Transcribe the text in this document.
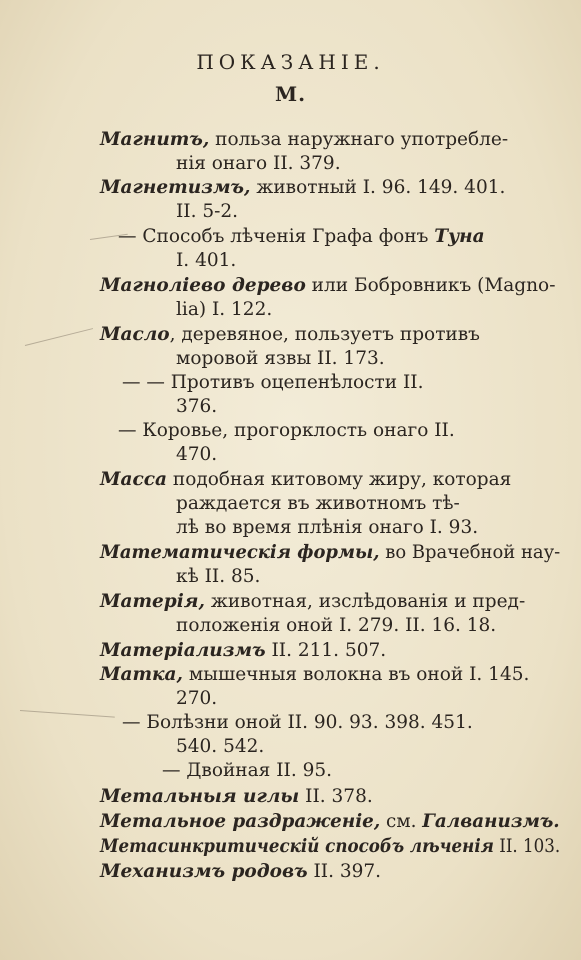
ПОКАЗАНІЕ.
М.
Магнитъ, польза наружнаго употребле-
нія онаго II. 379.
Магнетизмъ, животный I. 96. 149. 401.
II. 5-2.
— Способъ лѣченія Графа фонъ Туна
I. 401.
Магноліево дерево или Бобровникъ (Magno-
lia) I. 122.
Масло, деревяное, пользуетъ противъ
моровой язвы II. 173.
— — Противъ оцепенѣлости II.
376.
— Коровье, прогорклость онаго II.
470.
Масса подобная китовому жиру, которая
раждается въ животномъ тѣ-
лѣ во время плѣнія онаго I. 93.
Математическія формы, во Врачебной нау-
кѣ II. 85.
Матерія, животная, изслѣдованія и пред-
положенія оной I. 279. II. 16. 18.
Матеріализмъ II. 211. 507.
Матка, мышечныя волокна въ оной I. 145.
270.
— Болѣзни оной II. 90. 93. 398. 451.
540. 542.
— Двойная II. 95.
Метальныя иглы II. 378.
Метальное раздраженіе, см. Галванизмъ.
Метасинкритическій способъ лѣченія II. 103.
Механизмъ родовъ II. 397.
